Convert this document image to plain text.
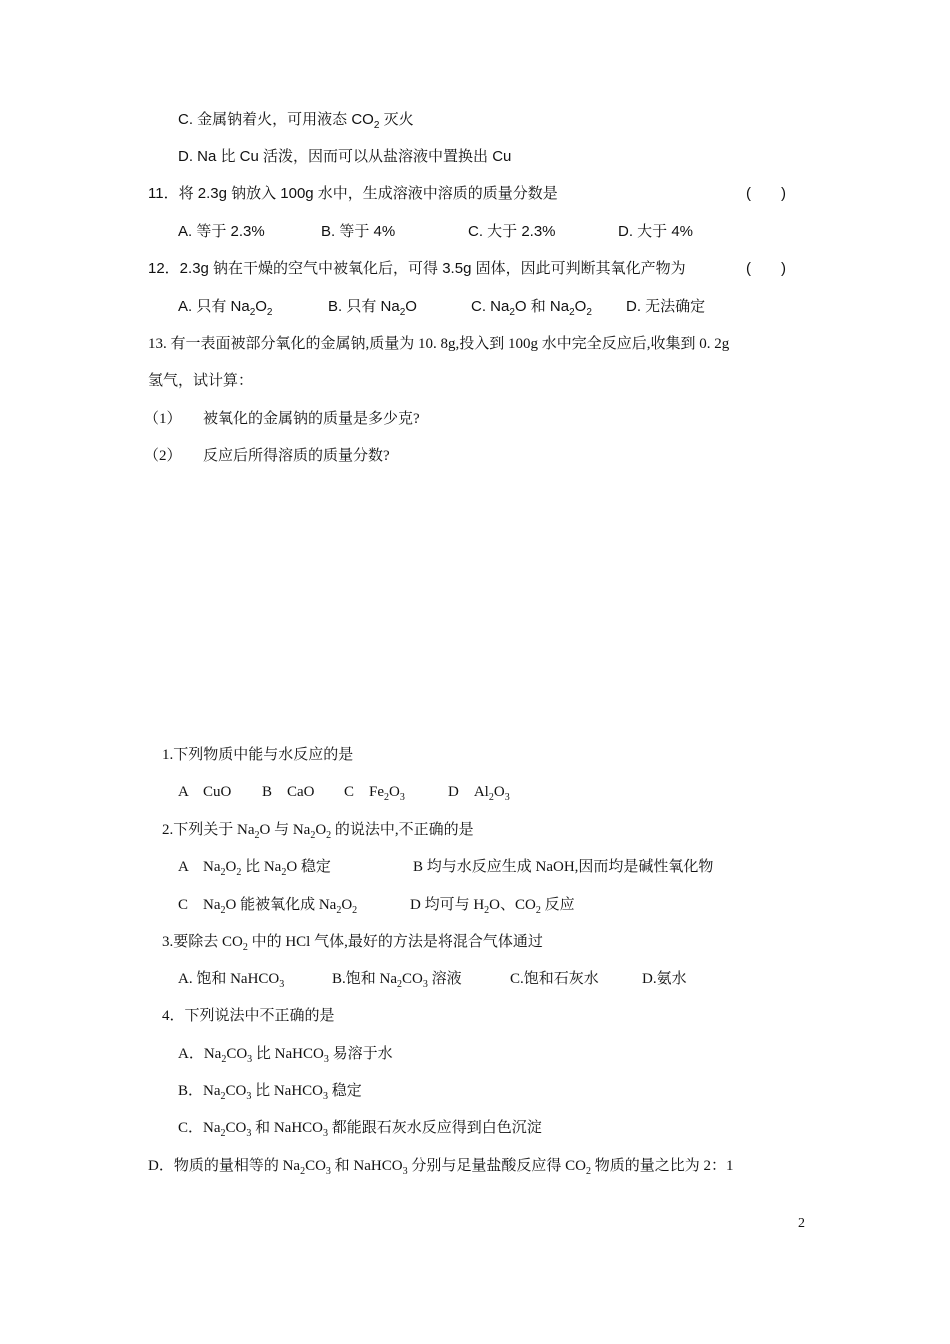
C. 金属钠着火，可用液态 $CO_2$ 灭火
D. Na 比 Cu 活泼，因而可以从盐溶液中置换出 Cu
11．将 2.3g 钠放入 100g 水中，生成溶液中溶质的质量分数是	(　　)
A. 等于 2.3%	B. 等于 4%	C. 大于 2.3%	D. 大于 4%
12．2.3g 钠在干燥的空气中被氧化后，可得 3.5g 固体，因此可判断其氧化产物为	(　　)
A. 只有 $Na_2O_2$	B. 只有 $Na_2O$	C. $Na_2O$ 和 $Na_2O_2$ D. 无法确定
13. 有一表面被部分氧化的金属钠,质量为 10. 8g,投入到 100g 水中完全反应后,收集到 0. 2g
氢气，试计算：
（1） 被氧化的金属钠的质量是多少克?
（2） 反应后所得溶质的质量分数?
1.下列物质中能与水反应的是
A　CuO B　CaO C　$Fe_2O_3$	D　$Al_2O_3$
2.下列关于 $Na_2O$ 与 $Na_2O_2$ 的说法中,不正确的是
A　$Na_2O_2$ 比 $Na_2O$ 稳定	B 均与水反应生成 NaOH,因而均是碱性氧化物
C　$Na_2O$ 能被氧化成 $Na_2O_2$	D 均可与 $H_2O$、$CO_2$ 反应
3.要除去 $CO_2$ 中的 HCl 气体,最好的方法是将混合气体通过
A. 饱和 NaHCO$_3$	B.饱和 $Na_2CO_3$ 溶液	C.饱和石灰水	D.氨水
4．下列说法中不正确的是
A．$Na_2CO_3$ 比 NaHCO$_3$ 易溶于水
B．$Na_2CO_3$ 比 NaHCO$_3$ 稳定
C．$Na_2CO_3$ 和 NaHCO$_3$ 都能跟石灰水反应得到白色沉淀
D．物质的量相等的 $Na_2CO_3$ 和 NaHCO$_3$ 分别与足量盐酸反应得 $CO_2$ 物质的量之比为 2：1
2
